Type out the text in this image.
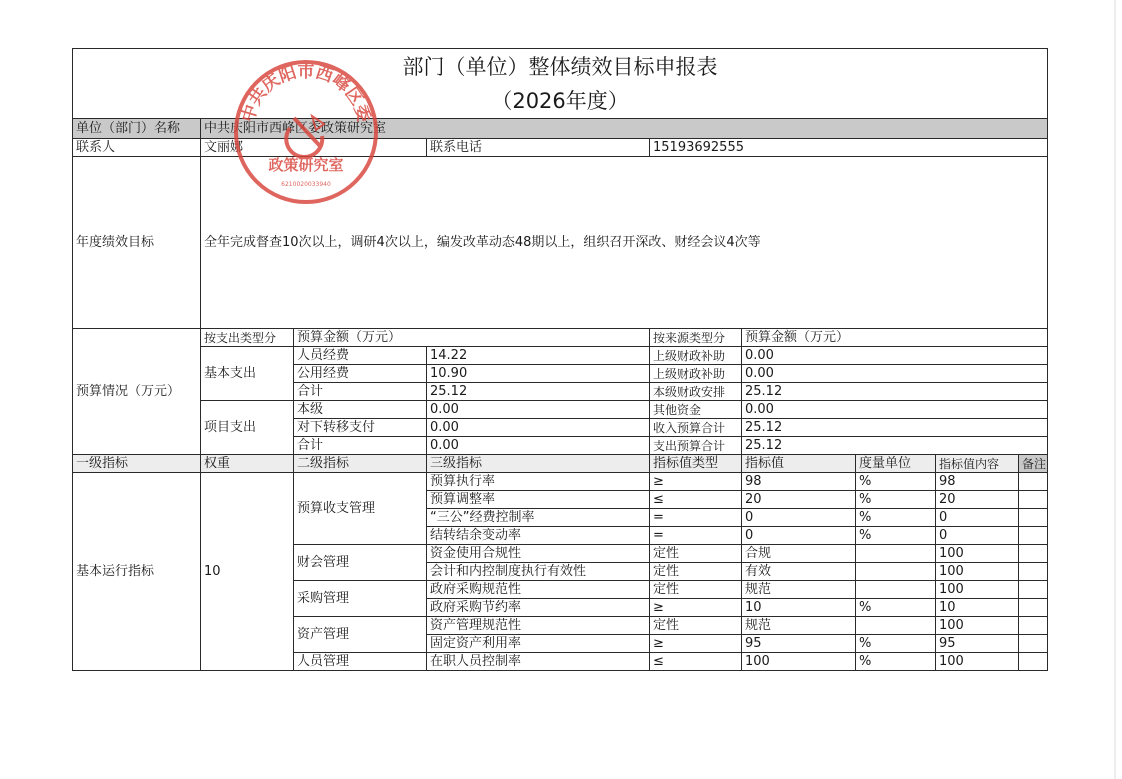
部门（单位）整体绩效目标申报表								
（2026年度）								
单位（部门）名称	中共庆阳市西峰区委政策研究室							
联系人	文丽娜		联系电话	15193692555				
年度绩效目标	全年完成督查10次以上，调研4次以上，编发改革动态48期以上，组织召开深改、财经会议4次等							
预算情况（万元）	按支出类型分	预算金额（万元）		按来源类型分	预算金额（万元）			
	基本支出	人员经费	14.22	上级财政补助	0.00			
		公用经费	10.90	上级财政补助	0.00			
		合计	25.12	本级财政安排	25.12			
	项目支出	本级	0.00	其他资金	0.00			
		对下转移支付	0.00	收入预算合计	25.12			
		合计	0.00	支出预算合计	25.12			
一级指标	权重	二级指标	三级指标	指标值类型	指标值	度量单位	指标值内容	备注
基本运行指标	10	预算收支管理	预算执行率	≥	98	%	98	
			预算调整率	≤	20	%	20	
			“三公”经费控制率	=	0	%	0	
			结转结余变动率	=	0	%	0	
		财会管理	资金使用合规性	定性	合规		100	
			会计和内控制度执行有效性	定性	有效		100	
		采购管理	政府采购规范性	定性	规范		100	
			政府采购节约率	≥	10	%	10	
		资产管理	资产管理规范性	定性	规范		100	
			固定资产利用率	≥	95	%	95	
		人员管理	在职人员控制率	≤	100	%	100	
中共庆阳市西峰区委
政策研究室
6210020033940
